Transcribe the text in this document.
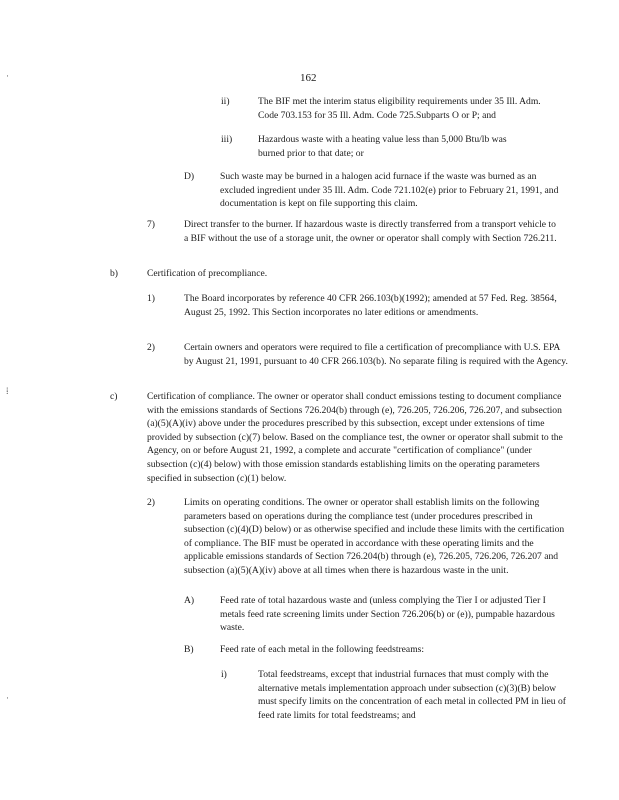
162
·
⁞
·
ii)	The BIF met the interim status eligibility requirements under 35 Ill. Adm. Code 703.153 for 35 Ill. Adm. Code 725.Subparts O or P; and
iii)	Hazardous waste with a heating value less than 5,000 Btu/lb was burned prior to that date; or
D)	Such waste may be burned in a halogen acid furnace if the waste was burned as an excluded ingredient under 35 Ill. Adm. Code 721.102(e) prior to February 21, 1991, and documentation is kept on file supporting this claim.
7)	Direct transfer to the burner. If hazardous waste is directly transferred from a transport vehicle to a BIF without the use of a storage unit, the owner or operator shall comply with Section 726.211.
b)	Certification of precompliance.
1)	The Board incorporates by reference 40 CFR 266.103(b)(1992); amended at 57 Fed. Reg. 38564, August 25, 1992. This Section incorporates no later editions or amendments.
2)	Certain owners and operators were required to file a certification of precompliance with U.S. EPA by August 21, 1991, pursuant to 40 CFR 266.103(b). No separate filing is required with the Agency.
c)	Certification of compliance. The owner or operator shall conduct emissions testing to document compliance with the emissions standards of Sections 726.204(b) through (e), 726.205, 726.206, 726.207, and subsection (a)(5)(A)(iv) above under the procedures prescribed by this subsection, except under extensions of time provided by subsection (c)(7) below. Based on the compliance test, the owner or operator shall submit to the Agency, on or before August 21, 1992, a complete and accurate "certification of compliance" (under subsection (c)(4) below) with those emission standards establishing limits on the operating parameters specified in subsection (c)(1) below.
2)	Limits on operating conditions. The owner or operator shall establish limits on the following parameters based on operations during the compliance test (under procedures prescribed in subsection (c)(4)(D) below) or as otherwise specified and include these limits with the certification of compliance. The BIF must be operated in accordance with these operating limits and the applicable emissions standards of Section 726.204(b) through (e), 726.205, 726.206, 726.207 and subsection (a)(5)(A)(iv) above at all times when there is hazardous waste in the unit.
A)	Feed rate of total hazardous waste and (unless complying the Tier I or adjusted Tier I metals feed rate screening limits under Section 726.206(b) or (e)), pumpable hazardous waste.
B)	Feed rate of each metal in the following feedstreams:
i)	Total feedstreams, except that industrial furnaces that must comply with the alternative metals implementation approach under subsection (c)(3)(B) below must specify limits on the concentration of each metal in collected PM in lieu of feed rate limits for total feedstreams; and
